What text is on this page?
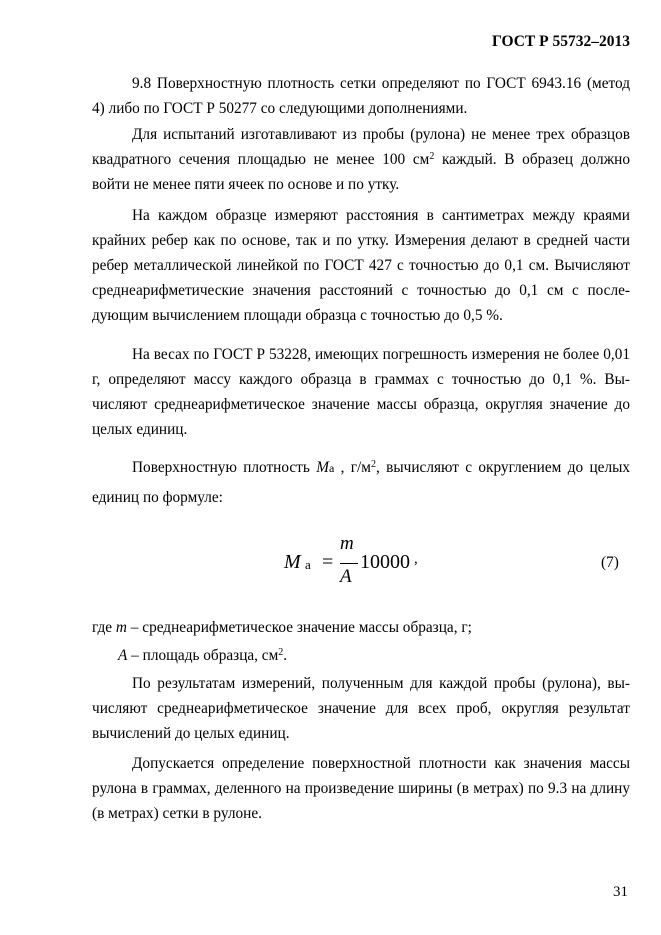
ГОСТ Р 55732–2013
9.8 Поверхностную плотность сетки определяют по ГОСТ 6943.16 (метод 4) либо по ГОСТ Р 50277 со следующими дополнениями.
Для испытаний изготавливают из пробы (рулона) не менее трех образцов квадратного сечения площадью не менее 100 $см^2$ каждый. В образец должно войти не менее пяти ячеек по основе и по утку.
На каждом образце измеряют расстояния в сантиметрах между краями крайних ребер как по основе, так и по утку. Измерения делают в средней части ребер металлической линейкой по ГОСТ 427 с точностью до 0,1 см. Вычисляют среднеарифметические значения расстояний с точностью до 0,1 см с после-дующим вычислением площади образца с точностью до 0,5 %.
На весах по ГОСТ Р 53228, имеющих погрешность измерения не более 0,01 г, определяют массу каждого образца в граммах с точностью до 0,1 %. Вы-числяют среднеарифметическое значение массы образца, округляя значение до целых единиц.
Поверхностную плотность Mа , $г/м^2$, вычисляют с округлением до целых единиц по формуле:
M а =
m
A
10000 ,	(7)
где m – среднеарифметическое значение массы образца, г;
A – площадь образца, $см^2$.
По результатам измерений, полученным для каждой пробы (рулона), вы-числяют среднеарифметическое значение для всех проб, округляя результат вычислений до целых единиц.
Допускается определение поверхностной плотности как значения массы рулона в граммах, деленного на произведение ширины (в метрах) по 9.3 на длину (в метрах) сетки в рулоне.
31
